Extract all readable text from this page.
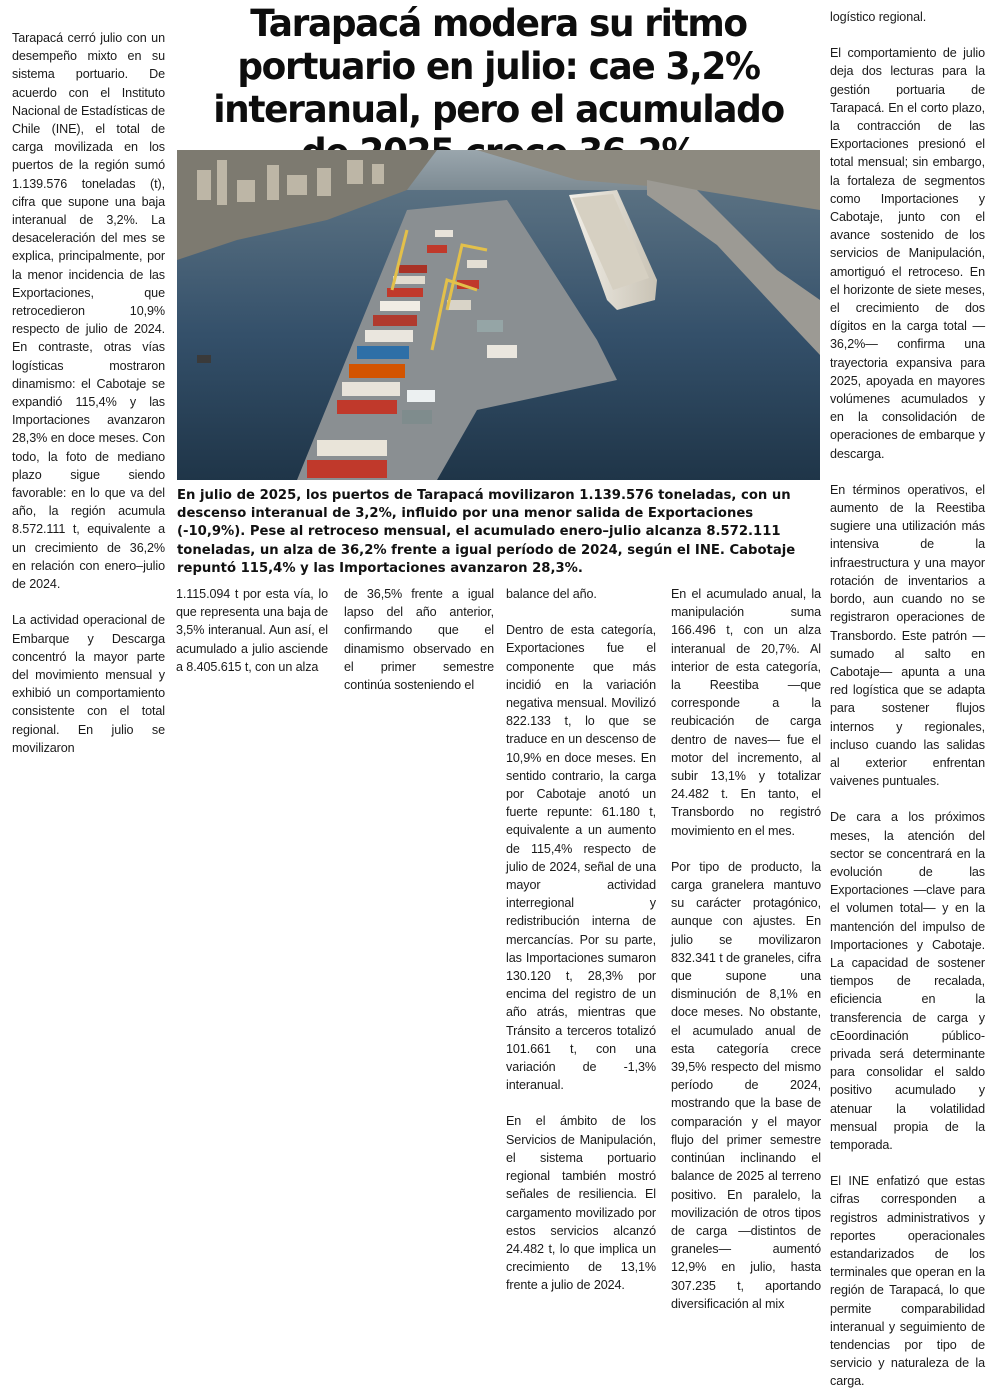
Tarapacá cerró julio con un desempeño mixto en su sistema portuario. De acuerdo con el Instituto Nacional de Estadísticas de Chile (INE), el total de carga movilizada en los puertos de la región sumó 1.139.576 toneladas (t), cifra que supone una baja interanual de 3,2%. La desaceleración del mes se explica, principalmente, por la menor incidencia de las Exportaciones, que retrocedieron 10,9% respecto de julio de 2024. En contraste, otras vías logísticas mostraron dinamismo: el Cabotaje se expandió 115,4% y las Importaciones avanzaron 28,3% en doce meses. Con todo, la foto de mediano plazo sigue siendo favorable: en lo que va del año, la región acumula 8.572.111 t, equivalente a un crecimiento de 36,2% en relación con enero–julio de 2024.

La actividad operacional de Embarque y Descarga concentró la mayor parte del movimiento mensual y exhibió un comportamiento consistente con el total regional. En julio se movilizaron

Tarapacá modera su ritmo portuario en julio: cae 3,2% interanual, pero el acumulado

En julio de 2025, los puertos de Tarapacá movilizaron 1.139.576 toneladas, con un descenso interanual de 3,2%, influido por una menor salida de Exportaciones (-10,9%). Pese al retroceso mensual, el acumulado enero–julio alcanza 8.572.111 toneladas, un alza de 36,2% frente a igual período de 2024, según el INE. Cabotaje repuntó 115,4% y las Importaciones avanzaron 28,3%.

1.115.094 t por esta vía, lo que representa una baja de 3,5% interanual. Aun así, el acumulado a julio asciende a 8.405.615 t, con un alza

de 36,5% frente a igual lapso del año anterior, confirmando que el dinamismo observado en el primer semestre continúa sosteniendo el

balance del año.

Dentro de esta categoría, Exportaciones fue el componente que más incidió en la variación negativa mensual. Movilizó 822.133 t, lo que se traduce en un descenso de 10,9% en doce meses. En sentido contrario, la carga por Cabotaje anotó un fuerte repunte: 61.180 t, equivalente a un aumento de 115,4% respecto de julio de 2024, señal de una mayor actividad interregional y redistribución interna de mercancías. Por su parte, las Importaciones sumaron 130.120 t, 28,3% por encima del registro de un año atrás, mientras que Tránsito a terceros totalizó 101.661 t, con una variación de -1,3% interanual.

En el ámbito de los Servicios de Manipulación, el sistema portuario regional también mostró señales de resiliencia. El cargamento movilizado por estos servicios alcanzó 24.482 t, lo que implica un crecimiento de 13,1% frente a julio de 2024.

En el acumulado anual, la manipulación suma 166.496 t, con un alza interanual de 20,7%. Al interior de esta categoría, la Reestiba —que corresponde a la reubicación de carga dentro de naves— fue el motor del incremento, al subir 13,1% y totalizar 24.482 t. En tanto, el Transbordo no registró movimiento en el mes.

Por tipo de producto, la carga granelera mantuvo su carácter protagónico, aunque con ajustes. En julio se movilizaron 832.341 t de graneles, cifra que supone una disminución de 8,1% en doce meses. No obstante, el acumulado anual de esta categoría crece 39,5% respecto del mismo período de 2024, mostrando que la base de comparación y el mayor flujo del primer semestre continúan inclinando el balance de 2025 al terreno positivo. En paralelo, la movilización de otros tipos de carga —distintos de graneles— aumentó 12,9% en julio, hasta 307.235 t, aportando diversificación al mix

logístico regional.

El comportamiento de julio deja dos lecturas para la gestión portuaria de Tarapacá. En el corto plazo, la contracción de las Exportaciones presionó el total mensual; sin embargo, la fortaleza de segmentos como Importaciones y Cabotaje, junto con el avance sostenido de los servicios de Manipulación, amortiguó el retroceso. En el horizonte de siete meses, el crecimiento de dos dígitos en la carga total —36,2%— confirma una trayectoria expansiva para 2025, apoyada en mayores volúmenes acumulados y en la consolidación de operaciones de embarque y descarga.

En términos operativos, el aumento de la Reestiba sugiere una utilización más intensiva de la infraestructura y una mayor rotación de inventarios a bordo, aun cuando no se registraron operaciones de Transbordo. Este patrón —sumado al salto en Cabotaje— apunta a una red logística que se adapta para sostener flujos internos y regionales, incluso cuando las salidas al exterior enfrentan vaivenes puntuales.

De cara a los próximos meses, la atención del sector se concentrará en la evolución de las Exportaciones —clave para el volumen total— y en la mantención del impulso de Importaciones y Cabotaje. La capacidad de sostener tiempos de recalada, eficiencia en la transferencia de carga y cEoordinación público-privada será determinante para consolidar el saldo positivo acumulado y atenuar la volatilidad mensual propia de la temporada.

El INE enfatizó que estas cifras corresponden a registros administrativos y reportes operacionales estandarizados de los terminales que operan en la región de Tarapacá, lo que permite comparabilidad interanual y seguimiento de tendencias por tipo de servicio y naturaleza de la carga.
